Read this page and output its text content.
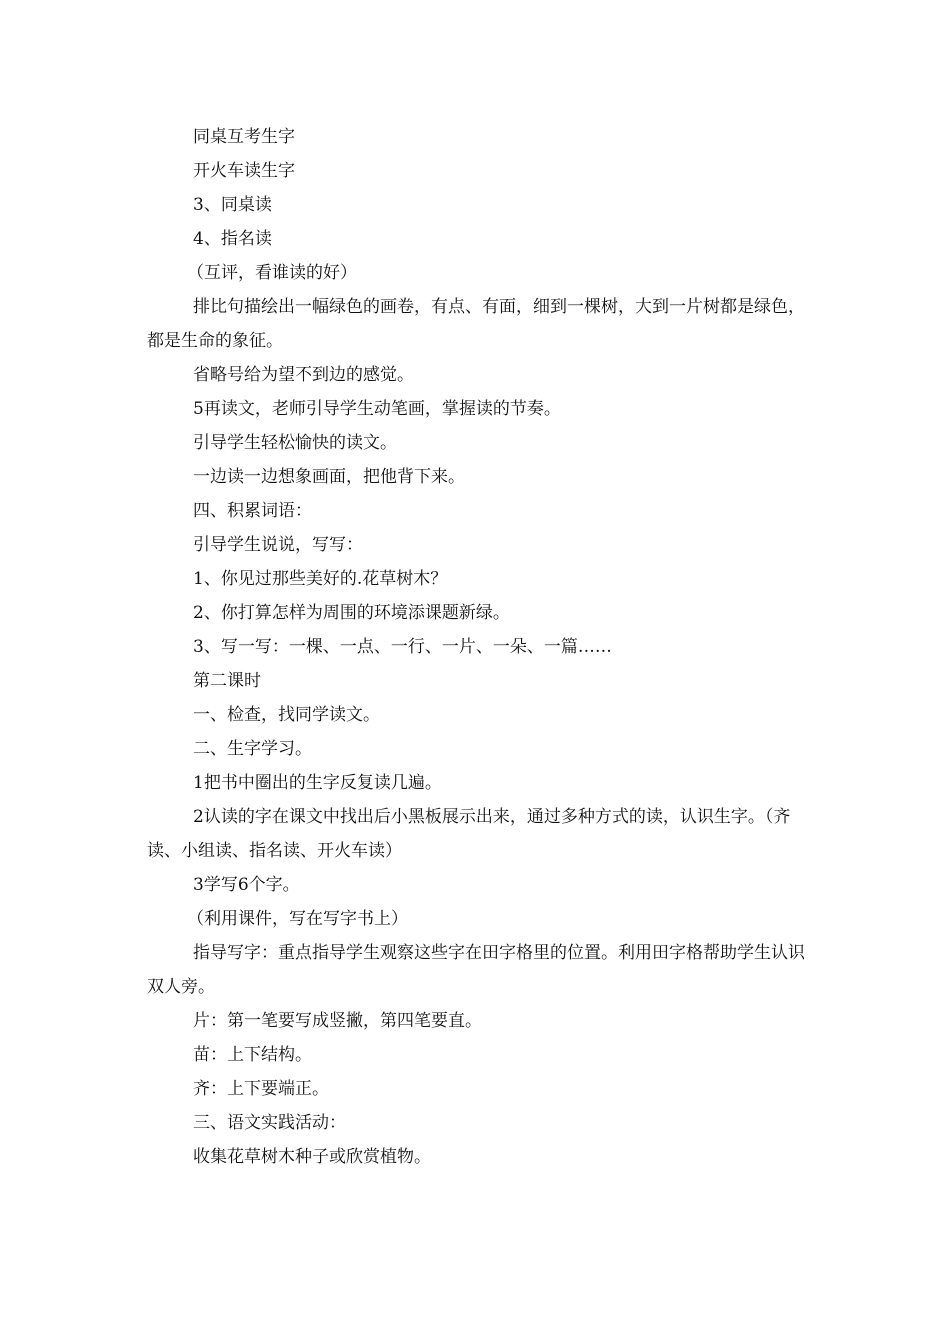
同桌互考生字

开火车读生字

3、同桌读

4、指名读

（互评，看谁读的好）

排比句描绘出一幅绿色的画卷，有点、有面，细到一棵树，大到一片树都是绿色，都是生命的象征。

省略号给为望不到边的感觉。

5再读文，老师引导学生动笔画，掌握读的节奏。

引导学生轻松愉快的读文。

一边读一边想象画面，把他背下来。

四、积累词语：

引导学生说说，写写：

1、你见过那些美好的.花草树木？

2、你打算怎样为周围的环境添课题新绿。

3、写一写：一棵、一点、一行、一片、一朵、一篇……

第二课时

一、检查，找同学读文。

二、生字学习。

1把书中圈出的生字反复读几遍。

2认读的字在课文中找出后小黑板展示出来，通过多种方式的读，认识生字。（齐读、小组读、指名读、开火车读）

3学写6个字。

（利用课件，写在写字书上）

指导写字：重点指导学生观察这些字在田字格里的位置。利用田字格帮助学生认识双人旁。

片：第一笔要写成竖撇，第四笔要直。

苗：上下结构。

齐：上下要端正。

三、语文实践活动：

收集花草树木种子或欣赏植物。
